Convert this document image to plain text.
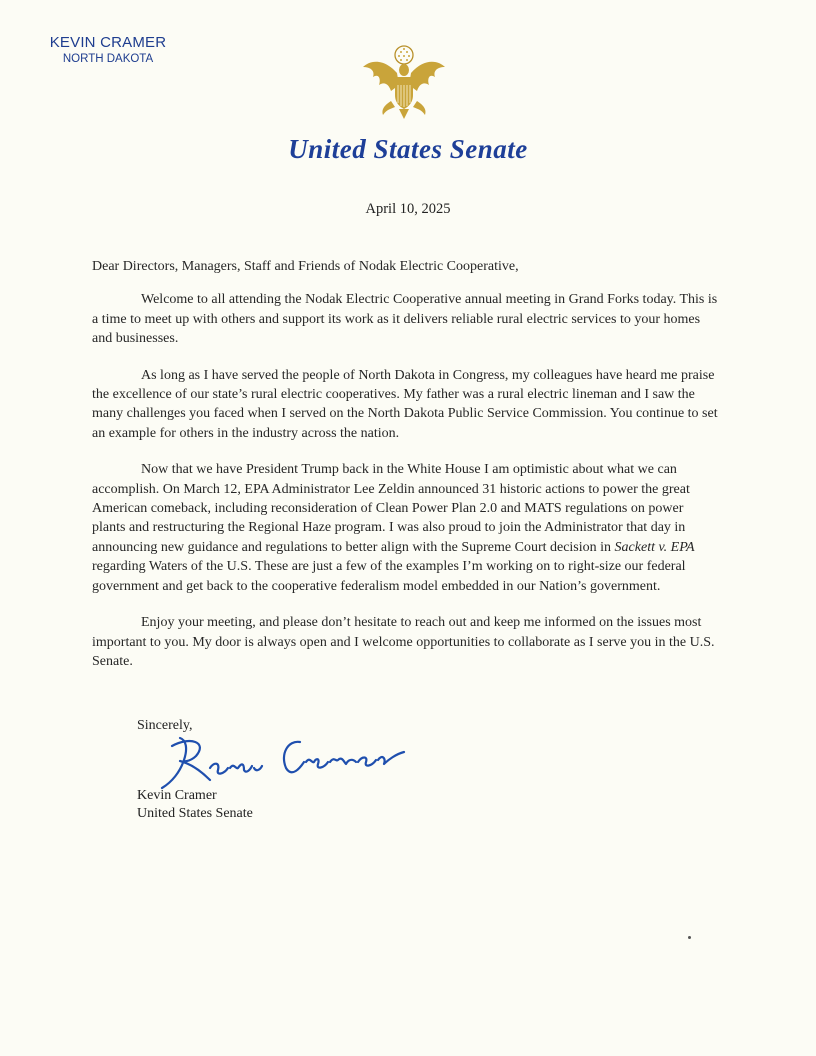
KEVIN CRAMER
NORTH DAKOTA
United States Senate
April 10, 2025

Dear Directors, Managers, Staff and Friends of Nodak Electric Cooperative,

Welcome to all attending the Nodak Electric Cooperative annual meeting in Grand Forks today. This is a time to meet up with others and support its work as it delivers reliable rural electric services to your homes and businesses.

As long as I have served the people of North Dakota in Congress, my colleagues have heard me praise the excellence of our state’s rural electric cooperatives. My father was a rural electric lineman and I saw the many challenges you faced when I served on the North Dakota Public Service Commission. You continue to set an example for others in the industry across the nation.

Now that we have President Trump back in the White House I am optimistic about what we can accomplish. On March 12, EPA Administrator Lee Zeldin announced 31 historic actions to power the great American comeback, including reconsideration of Clean Power Plan 2.0 and MATS regulations on power plants and restructuring the Regional Haze program. I was also proud to join the Administrator that day in announcing new guidance and regulations to better align with the Supreme Court decision in Sackett v. EPA regarding Waters of the U.S. These are just a few of the examples I’m working on to right-size our federal government and get back to the cooperative federalism model embedded in our Nation’s government.

Enjoy your meeting, and please don’t hesitate to reach out and keep me informed on the issues most important to you. My door is always open and I welcome opportunities to collaborate as I serve you in the U.S. Senate.

Sincerely,
Kevin Cramer
United States Senate
